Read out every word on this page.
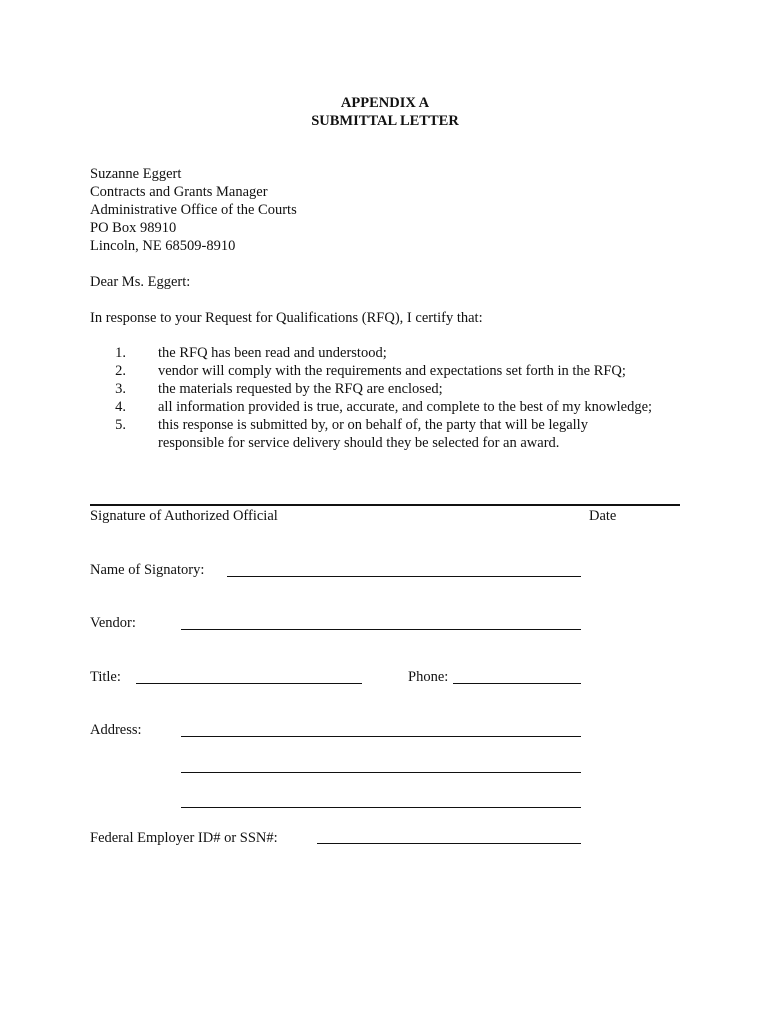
APPENDIX A
SUBMITTAL LETTER
Suzanne Eggert
Contracts and Grants Manager
Administrative Office of the Courts
PO Box 98910
Lincoln, NE 68509-8910
Dear Ms. Eggert:
In response to your Request for Qualifications (RFQ), I certify that:
1. the RFQ has been read and understood;
2. vendor will comply with the requirements and expectations set forth in the RFQ;
3. the materials requested by the RFQ are enclosed;
4. all information provided is true, accurate, and complete to the best of my knowledge;
5. this response is submitted by, or on behalf of, the party that will be legally
responsible for service delivery should they be selected for an award.
Signature of Authorized Official	Date
Name of Signatory:
Vendor:
Title:	Phone:
Address:
Federal Employer ID# or SSN#:
